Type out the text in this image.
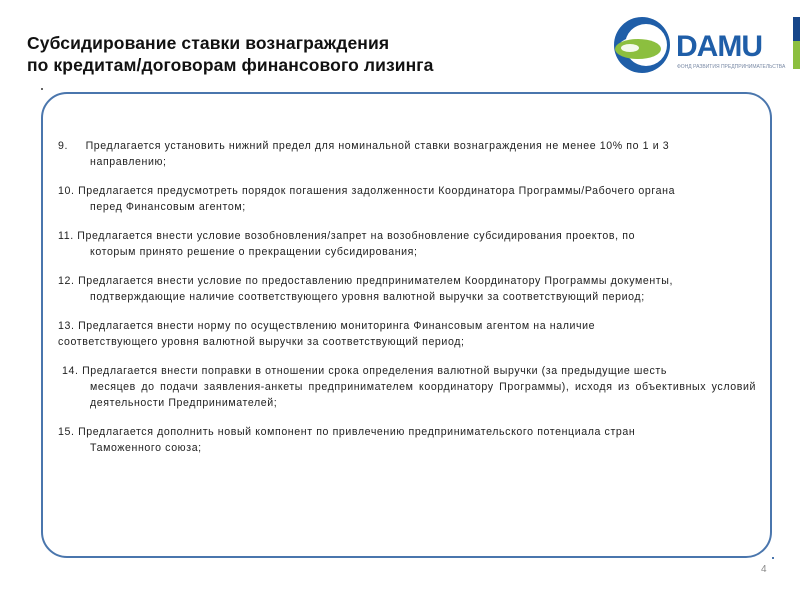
Субсидирование ставки вознаграждения
по кредитам/договорам финансового лизинга
DAMU
ФОНД РАЗВИТИЯ ПРЕДПРИНИМАТЕЛЬСТВА
9. Предлагается установить нижний предел для номинальной ставки вознаграждения не менее 10% по 1 и 3
направлению;
10. Предлагается предусмотреть порядок погашения задолженности Координатора Программы/Рабочего органа
перед Финансовым агентом;
11. Предлагается внести условие возобновления/запрет на возобновление субсидирования проектов, по
которым принято решение о прекращении субсидирования;
12. Предлагается внести условие по предоставлению предпринимателем Координатору Программы документы,
подтверждающие наличие соответствующего уровня валютной выручки за соответствующий период;
13. Предлагается внести норму по осуществлению мониторинга Финансовым агентом на наличие
соответствующего уровня валютной выручки за соответствующий период;
14. Предлагается внести поправки в отношении срока определения валютной выручки (за предыдущие шесть
месяцев до подачи заявления-анкеты предпринимателем координатору Программы), исходя из объективных условий деятельности Предпринимателей;
15. Предлагается дополнить новый компонент по привлечению предпринимательского потенциала стран
Таможенного союза;
4
